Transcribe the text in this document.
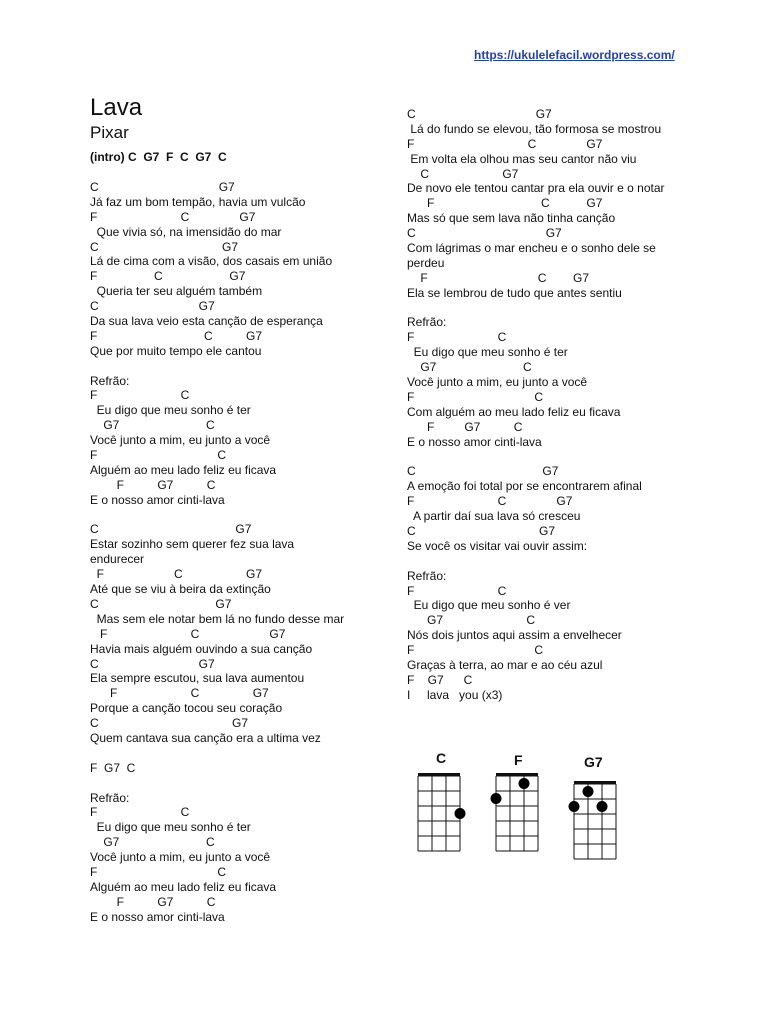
https://ukulelefacil.wordpress.com/
Lava
Pixar
(intro) C  G7  F  C  G7  C
C                                    G7
Já faz um bom tempão, havia um vulcão
F                         C               G7
Que vivia só, na imensidão do mar
C                                     G7
Lá de cima com a visão, dos casais em união
F                 C                    G7
Queria ter seu alguém também
C                              G7
Da sua lava veio esta canção de esperança
F                                C          G7
Que por muito tempo ele cantou
Refrão:
F                         C
Eu digo que meu sonho é ter
G7                          C
Você junto a mim, eu junto a você
F                                    C
Alguém ao meu lado feliz eu ficava
F          G7          C
E o nosso amor cinti-lava
C                                         G7
Estar sozinho sem querer fez sua lava
endurecer
F                     C                   G7
Até que se viu à beira da extinção
C                                   G7
Mas sem ele notar bem lá no fundo desse mar
F                         C                     G7
Havia mais alguém ouvindo a sua canção
C                              G7
Ela sempre escutou, sua lava aumentou
F                      C                G7
Porque a canção tocou seu coração
C                                        G7
Quem cantava sua canção era a ultima vez
F  G7  C
Refrão:
F                         C
Eu digo que meu sonho é ter
G7                          C
Você junto a mim, eu junto a você
F                                    C
Alguém ao meu lado feliz eu ficava
F          G7          C
E o nosso amor cinti-lava
C                                    G7
Lá do fundo se elevou, tão formosa se mostrou
F                                  C               G7
Em volta ela olhou mas seu cantor não viu
C                      G7
De novo ele tentou cantar pra ela ouvir e o notar
F                                C           G7
Mas só que sem lava não tinha canção
C                                       G7
Com lágrimas o mar encheu e o sonho dele se
perdeu
F                                 C        G7
Ela se lembrou de tudo que antes sentiu
Refrão:
F                         C
Eu digo que meu sonho é ter
G7                          C
Você junto a mim, eu junto a você
F                                    C
Com alguém ao meu lado feliz eu ficava
F         G7          C
E o nosso amor cinti-lava
C                                      G7
A emoção foi total por se encontrarem afinal
F                         C               G7
A partir daí sua lava só cresceu
C                                     G7
Se você os visitar vai ouvir assim:
Refrão:
F                         C
Eu digo que meu sonho é ver
G7                         C
Nós dois juntos aqui assim a envelhecer
F                                    C
Graças à terra, ao mar e ao céu azul
F    G7      C
I     lava   you (x3)
C	F	G7
